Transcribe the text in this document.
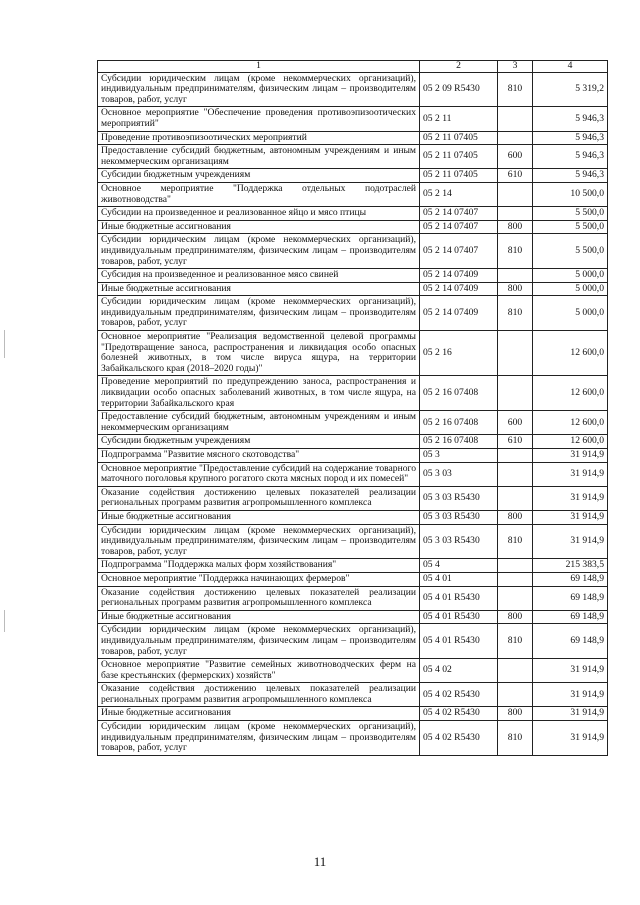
1	2	3	4
Субсидии юридическим лицам (кроме некоммерческих организаций), индивидуальным предпринимателям, физическим лицам – производителям товаров, работ, услуг	05 2 09 R5430	810	5 319,2
Основное мероприятие "Обеспечение проведения противоэпизоотических мероприятий"	05 2 11		5 946,3
Проведение противоэпизоотических мероприятий	05 2 11 07405		5 946,3
Предоставление субсидий бюджетным, автономным учреждениям и иным некоммерческим организациям	05 2 11 07405	600	5 946,3
Субсидии бюджетным учреждениям	05 2 11 07405	610	5 946,3
Основное мероприятие "Поддержка отдельных подотраслей животноводства"	05 2 14		10 500,0
Субсидии на произведенное и реализованное яйцо и мясо птицы	05 2 14 07407		5 500,0
Иные бюджетные ассигнования	05 2 14 07407	800	5 500,0
Субсидии юридическим лицам (кроме некоммерческих организаций), индивидуальным предпринимателям, физическим лицам – производителям товаров, работ, услуг	05 2 14 07407	810	5 500,0
Субсидия на произведенное и реализованное мясо свиней	05 2 14 07409		5 000,0
Иные бюджетные ассигнования	05 2 14 07409	800	5 000,0
Субсидии юридическим лицам (кроме некоммерческих организаций), индивидуальным предпринимателям, физическим лицам – производителям товаров, работ, услуг	05 2 14 07409	810	5 000,0
Основное мероприятие "Реализация ведомственной целевой программы "Предотвращение заноса, распространения и ликвидация особо опасных болезней животных, в том числе вируса ящура, на территории Забайкальского края (2018–2020 годы)"	05 2 16		12 600,0
Проведение мероприятий по предупреждению заноса, распространения и ликвидации особо опасных заболеваний животных, в том числе ящура, на территории Забайкальского края	05 2 16 07408		12 600,0
Предоставление субсидий бюджетным, автономным учреждениям и иным некоммерческим организациям	05 2 16 07408	600	12 600,0
Субсидии бюджетным учреждениям	05 2 16 07408	610	12 600,0
Подпрограмма "Развитие мясного скотоводства"	05 3		31 914,9
Основное мероприятие "Предоставление субсидий на содержание товарного маточного поголовья крупного рогатого скота мясных пород и их помесей"	05 3 03		31 914,9
Оказание содействия достижению целевых показателей реализации региональных программ развития агропромышленного комплекса	05 3 03 R5430		31 914,9
Иные бюджетные ассигнования	05 3 03 R5430	800	31 914,9
Субсидии юридическим лицам (кроме некоммерческих организаций), индивидуальным предпринимателям, физическим лицам – производителям товаров, работ, услуг	05 3 03 R5430	810	31 914,9
Подпрограмма "Поддержка малых форм хозяйствования"	05 4		215 383,5
Основное мероприятие "Поддержка начинающих фермеров"	05 4 01		69 148,9
Оказание содействия достижению целевых показателей реализации региональных программ развития агропромышленного комплекса	05 4 01 R5430		69 148,9
Иные бюджетные ассигнования	05 4 01 R5430	800	69 148,9
Субсидии юридическим лицам (кроме некоммерческих организаций), индивидуальным предпринимателям, физическим лицам – производителям товаров, работ, услуг	05 4 01 R5430	810	69 148,9
Основное мероприятие "Развитие семейных животноводческих ферм на базе крестьянских (фермерских) хозяйств"	05 4 02		31 914,9
Оказание содействия достижению целевых показателей реализации региональных программ развития агропромышленного комплекса	05 4 02 R5430		31 914,9
Иные бюджетные ассигнования	05 4 02 R5430	800	31 914,9
Субсидии юридическим лицам (кроме некоммерческих организаций), индивидуальным предпринимателям, физическим лицам – производителям товаров, работ, услуг	05 4 02 R5430	810	31 914,9
11
